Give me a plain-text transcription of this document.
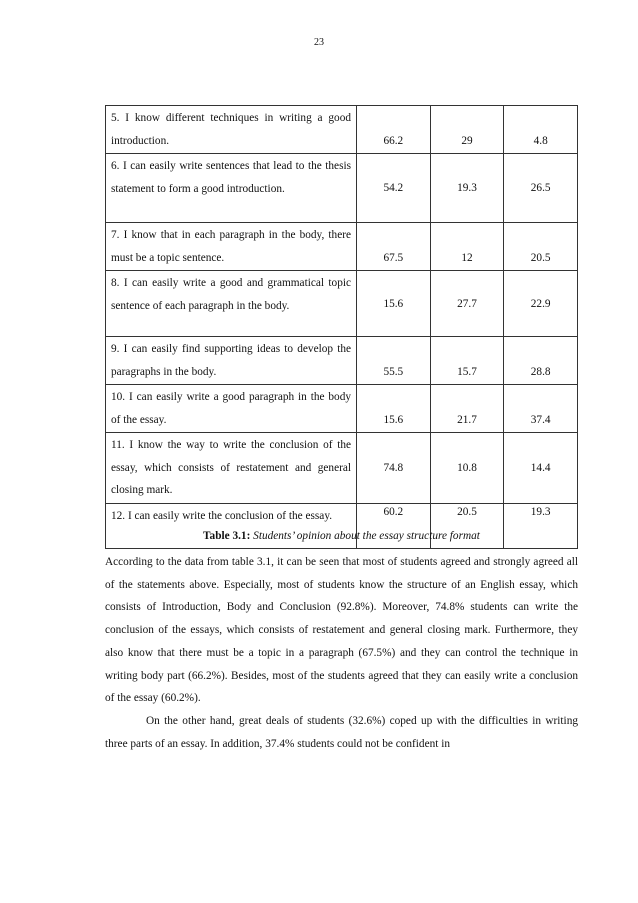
23
5. I know different techniques in writing a good introduction.	66.2	29	4.8
6. I can easily write sentences that lead to the thesis statement to form a good introduction.	54.2	19.3	26.5
7. I know that in each paragraph in the body, there must be a topic sentence.	67.5	12	20.5
8. I can easily write a good and grammatical topic sentence of each paragraph in the body.	15.6	27.7	22.9
9. I can easily find supporting ideas to develop the paragraphs in the body.	55.5	15.7	28.8
10. I can easily write a good paragraph in the body of the essay.	15.6	21.7	37.4
11. I know the way to write the conclusion of the essay, which consists of restatement and general closing mark.	74.8	10.8	14.4
12. I can easily write the conclusion of the essay.	60.2	20.5	19.3
Table 3.1: Students’ opinion about the essay structure format

According to the data from table 3.1, it can be seen that most of students agreed and strongly agreed all of the statements above. Especially, most of students know the structure of an English essay, which consists of Introduction, Body and Conclusion (92.8%). Moreover, 74.8% students can write the conclusion of the essays, which consists of restatement and general closing mark. Furthermore, they also know that there must be a topic in a paragraph (67.5%) and they can control the technique in writing body part (66.2%). Besides, most of the students agreed that they can easily write a conclusion of the essay (60.2%).

On the other hand, great deals of students (32.6%) coped up with the difficulties in writing three parts of an essay. In addition, 37.4% students could not be confident in
